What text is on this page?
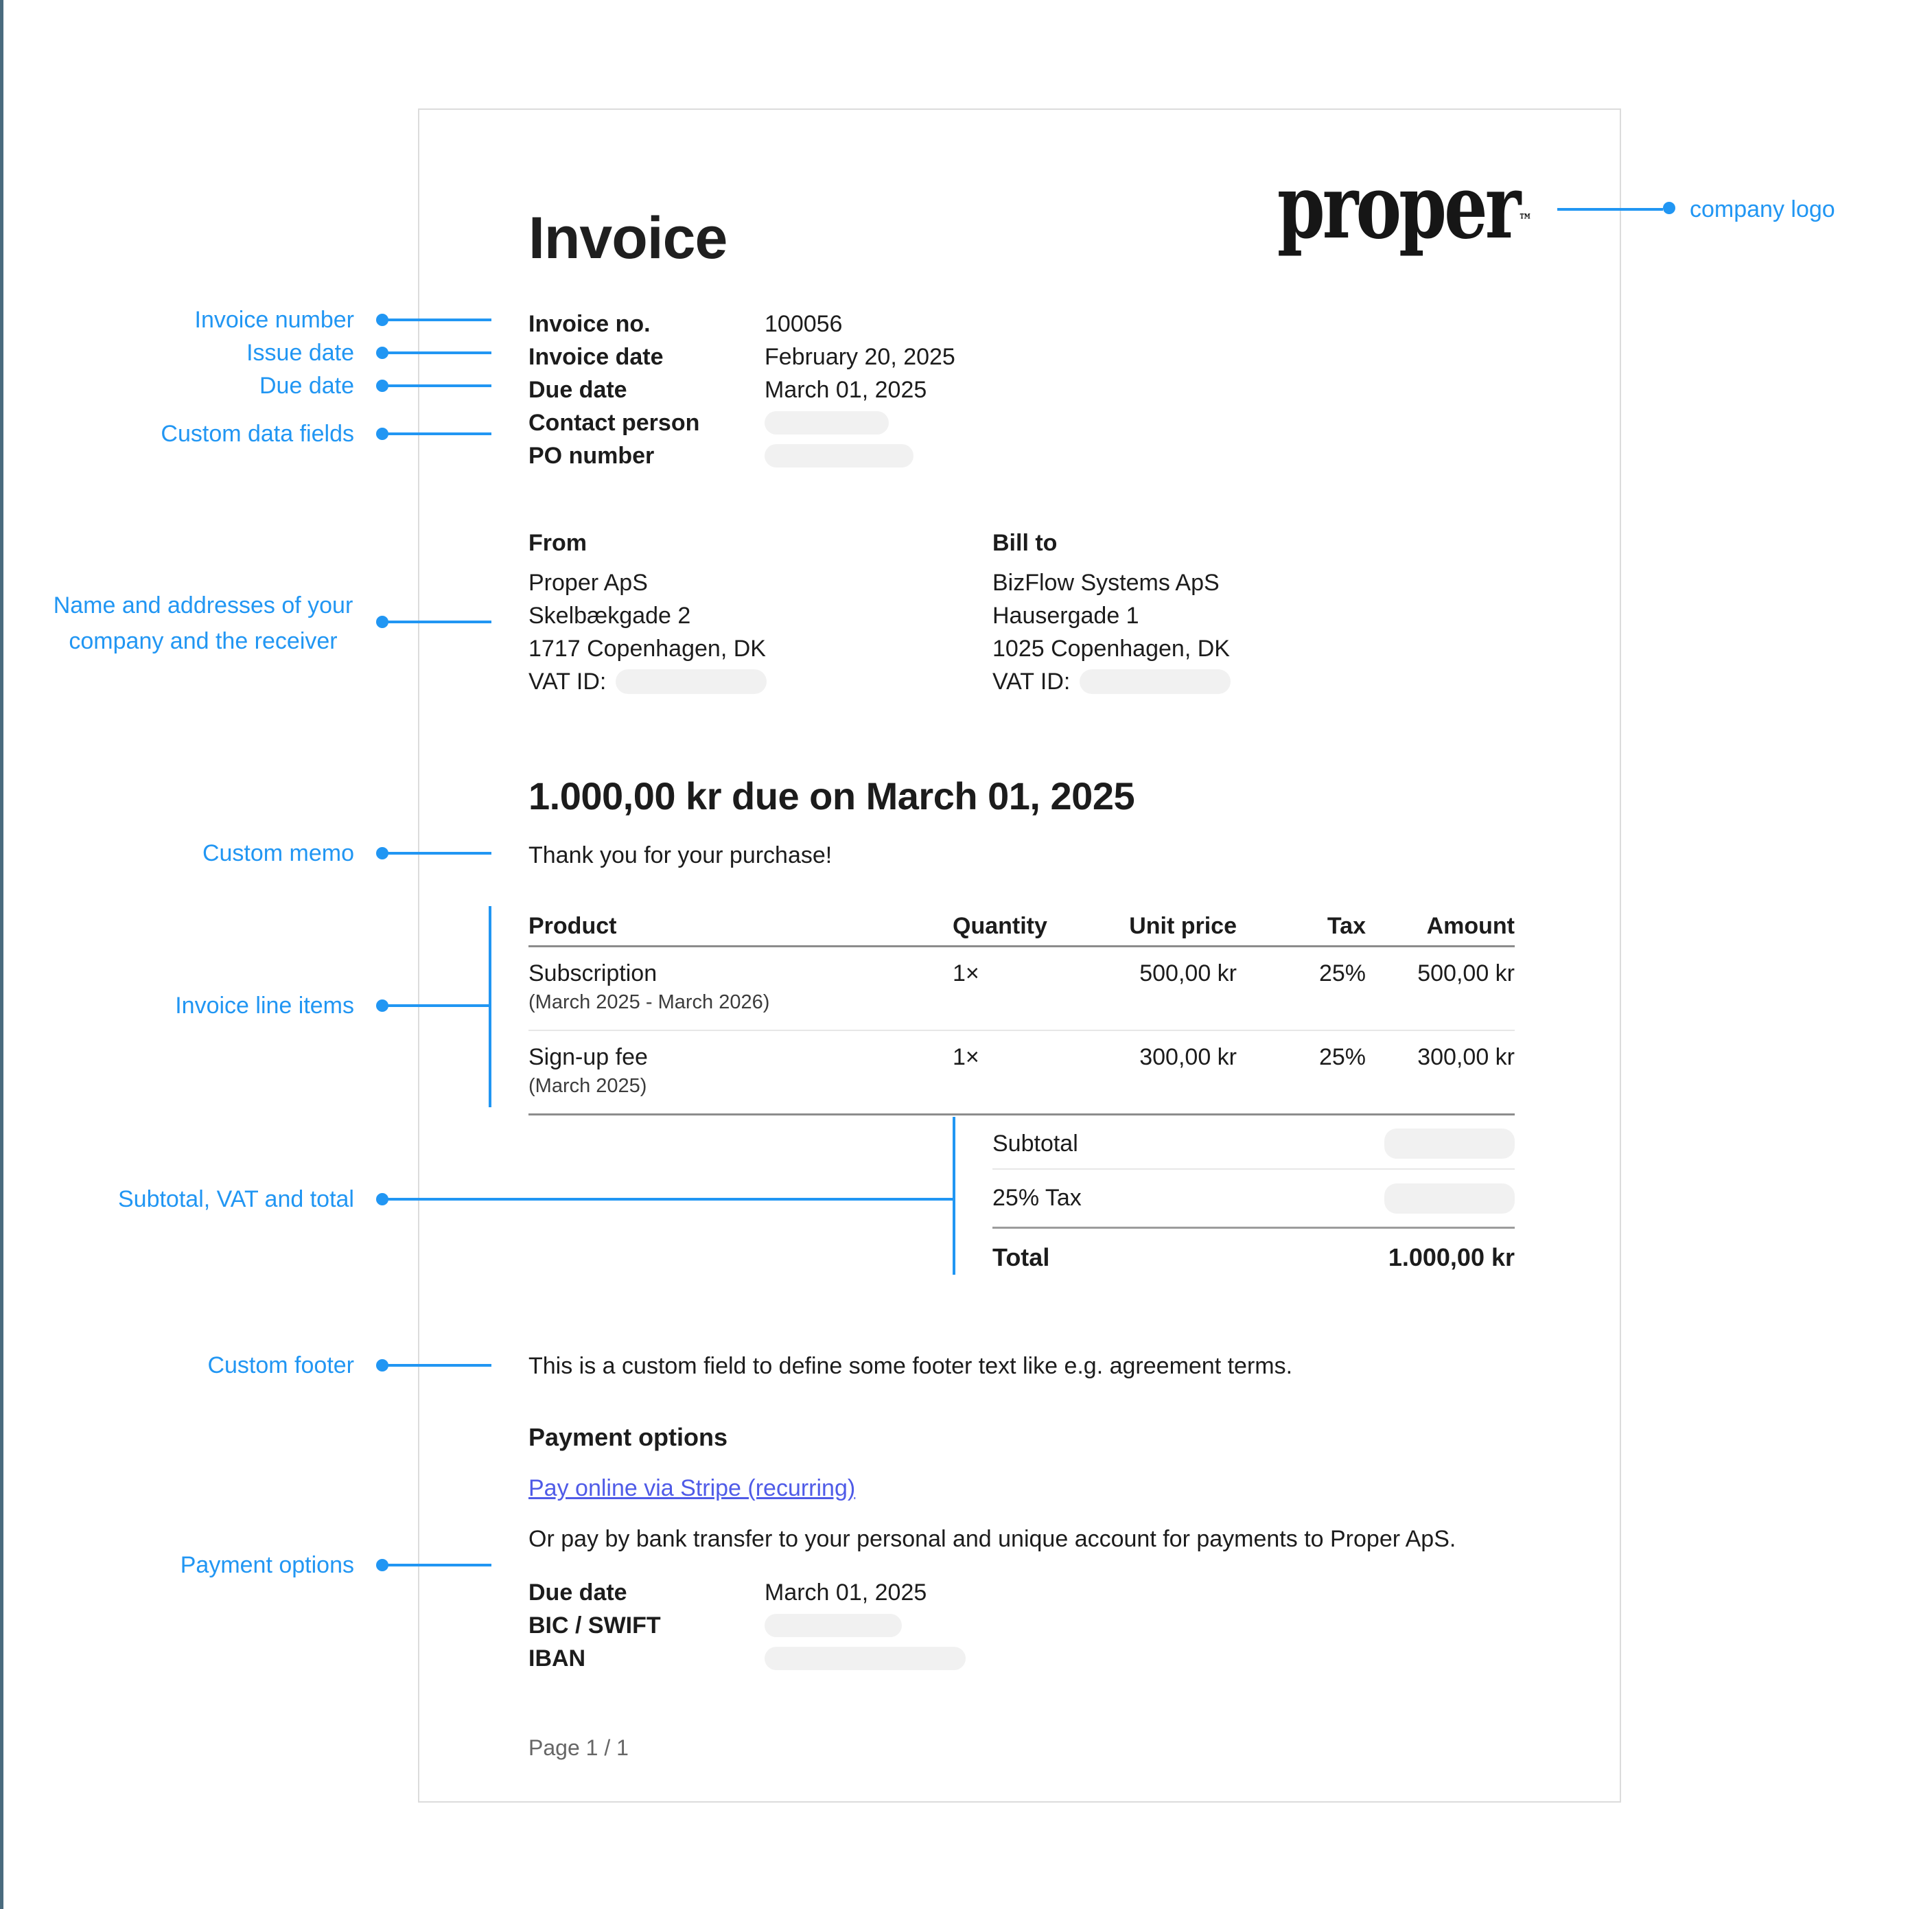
proper™
Invoice
Invoice no.	100056
Invoice date	February 20, 2025
Due date	March 01, 2025
Contact person
PO number
From
Proper ApS
Skelbækgade 2
1717 Copenhagen, DK
VAT ID:
Bill to
BizFlow Systems ApS
Hausergade 1
1025 Copenhagen, DK
VAT ID:
1.000,00 kr due on March 01, 2025
Thank you for your purchase!
Product	Quantity	Unit price	Tax	Amount
Subscription
(March 2025 - March 2026)
1×	500,00 kr	25%	500,00 kr
Sign-up fee
(March 2025)
1×	300,00 kr	25%	300,00 kr
Subtotal
25% Tax
Total	1.000,00 kr
This is a custom field to define some footer text like e.g. agreement terms.
Payment options
Pay online via Stripe (recurring)
Or pay by bank transfer to your personal and unique account for payments to Proper ApS.
Due date	March 01, 2025
BIC / SWIFT
IBAN
Page 1 / 1
Invoice number
Issue date
Due date
Custom data fields
Name and addresses of your
company and the receiver
Custom memo
Invoice line items
Subtotal, VAT and total
Custom footer
Payment options
company logo
